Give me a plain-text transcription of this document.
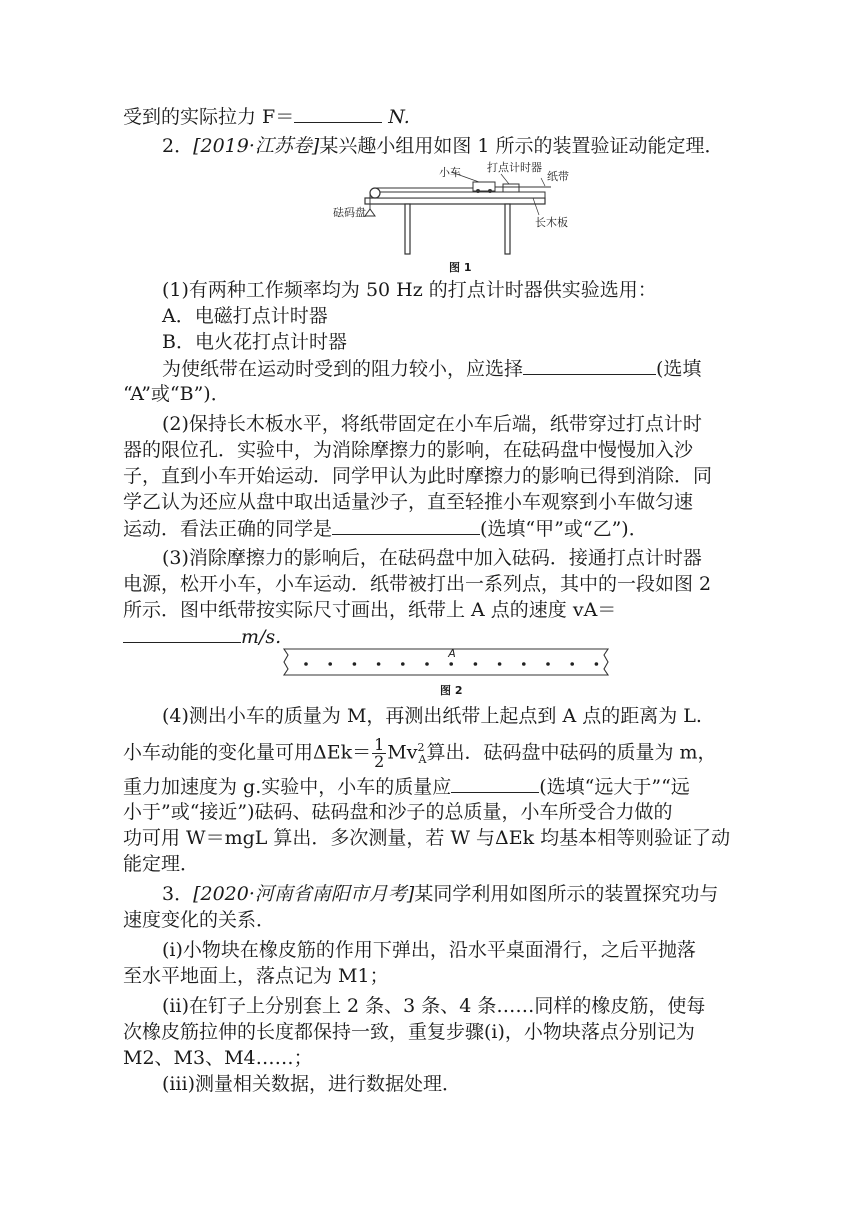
受到的实际拉力 F＝	N.
2．[2019·江苏卷]某兴趣小组用如图 1 所示的装置验证动能定理．
小车 打点计时器
纸带
砝码盘
长木板
图 1
(1)有两种工作频率均为 50 Hz 的打点计时器供实验选用：
A．电磁打点计时器
B．电火花打点计时器
为使纸带在运动时受到的阻力较小，应选择	(选填
“A”或“B”)．
(2)保持长木板水平，将纸带固定在小车后端，纸带穿过打点计时
器的限位孔．实验中，为消除摩擦力的影响，在砝码盘中慢慢加入沙
子，直到小车开始运动．同学甲认为此时摩擦力的影响已得到消除．同
学乙认为还应从盘中取出适量沙子，直至轻推小车观察到小车做匀速
运动．看法正确的同学是	(选填“甲”或“乙”)．
(3)消除摩擦力的影响后，在砝码盘中加入砝码．接通打点计时器
电源，松开小车，小车运动．纸带被打出一系列点，其中的一段如图 2
所示．图中纸带按实际尺寸画出，纸带上 A 点的速度 vA＝
m/s.
A
图 2
(4)测出小车的质量为 M，再测出纸带上起点到 A 点的距离为 L.
小车动能的变化量可用$\Delta Ek= \frac{1}{2} Mv^2_A$算出．砝码盘中砝码的质量为 m，
重力加速度为 g.实验中，小车的质量应	(选填“远大于”“远
小于”或“接近”)砝码、砝码盘和沙子的总质量，小车所受合力做的
功可用 W＝mgL 算出．多次测量，若 W 与ΔEk 均基本相等则验证了动
能定理．
3．[2020·河南省南阳市月考]某同学利用如图所示的装置探究功与
速度变化的关系．
(ⅰ)小物块在橡皮筋的作用下弹出，沿水平桌面滑行，之后平抛落
至水平地面上，落点记为 M1；
(ⅱ)在钉子上分别套上 2 条、3 条、4 条……同样的橡皮筋，使每
次橡皮筋拉伸的长度都保持一致，重复步骤(ⅰ)，小物块落点分别记为
M2、M3、M4……；
(ⅲ)测量相关数据，进行数据处理．
